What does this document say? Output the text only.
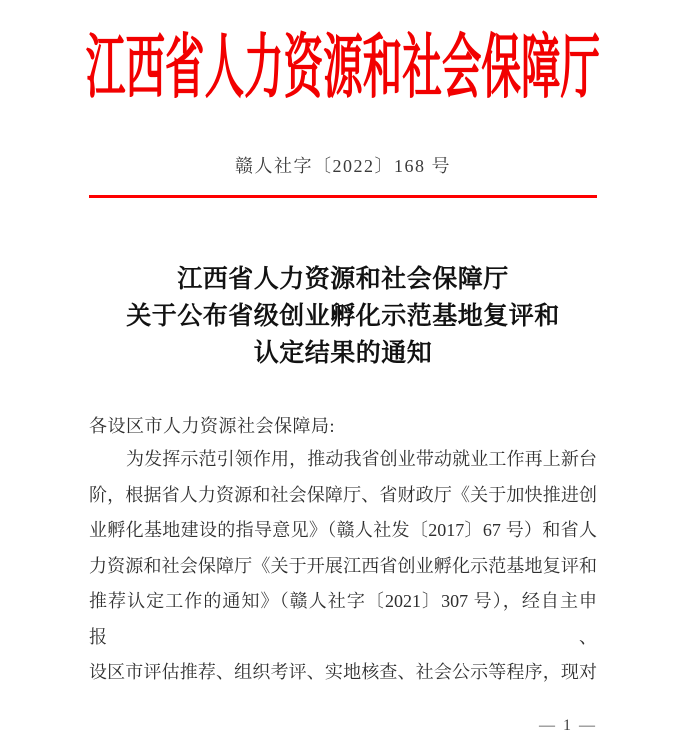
江西省人力资源和社会保障厅
赣人社字〔2022〕168 号
江西省人力资源和社会保障厅
关于公布省级创业孵化示范基地复评和
认定结果的通知
各设区市人力资源社会保障局:
为发挥示范引领作用，推动我省创业带动就业工作再上新台
阶，根据省人力资源和社会保障厅、省财政厅《关于加快推进创
业孵化基地建设的指导意见》（赣人社发〔2017〕67 号）和省人
力资源和社会保障厅《关于开展江西省创业孵化示范基地复评和
推荐认定工作的通知》（赣人社字〔2021〕307 号），经自主申报、
设区市评估推荐、组织考评、实地核查、社会公示等程序，现对
— 1 —
